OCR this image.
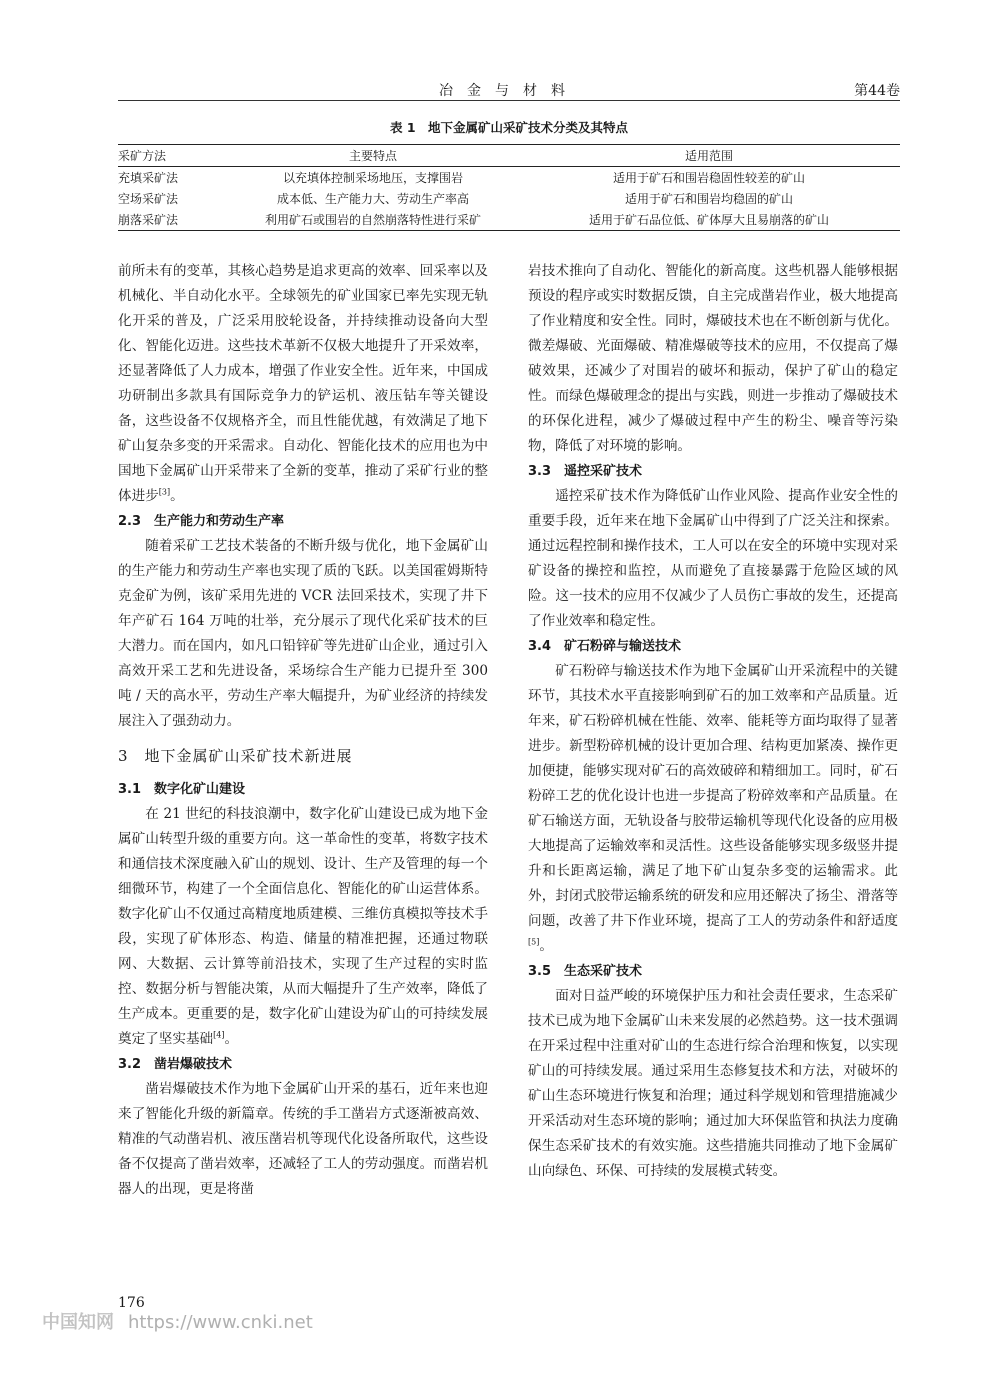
冶金与材料	第44卷
表 1　地下金属矿山采矿技术分类及其特点
采矿方法	主要特点	适用范围
充填采矿法	以充填体控制采场地压，支撑围岩	适用于矿石和围岩稳固性较差的矿山
空场采矿法	成本低、生产能力大、劳动生产率高	适用于矿石和围岩均稳固的矿山
崩落采矿法	利用矿石或围岩的自然崩落特性进行采矿	适用于矿石品位低、矿体厚大且易崩落的矿山

前所未有的变革，其核心趋势是追求更高的效率、回采率以及机械化、半自动化水平。全球领先的矿业国家已率先实现无轨化开采的普及，广泛采用胶轮设备，并持续推动设备向大型化、智能化迈进。这些技术革新不仅极大地提升了开采效率，还显著降低了人力成本，增强了作业安全性。近年来，中国成功研制出多款具有国际竞争力的铲运机、液压钻车等关键设备，这些设备不仅规格齐全，而且性能优越，有效满足了地下矿山复杂多变的开采需求。自动化、智能化技术的应用也为中国地下金属矿山开采带来了全新的变革，推动了采矿行业的整体进步[3]。

2.3　生产能力和劳动生产率

随着采矿工艺技术装备的不断升级与优化，地下金属矿山的生产能力和劳动生产率也实现了质的飞跃。以美国霍姆斯特克金矿为例，该矿采用先进的 VCR 法回采技术，实现了井下年产矿石 164 万吨的壮举，充分展示了现代化采矿技术的巨大潜力。而在国内，如凡口铅锌矿等先进矿山企业，通过引入高效开采工艺和先进设备，采场综合生产能力已提升至 300 吨 / 天的高水平，劳动生产率大幅提升，为矿业经济的持续发展注入了强劲动力。

3　地下金属矿山采矿技术新进展
3.1　数字化矿山建设

在 21 世纪的科技浪潮中，数字化矿山建设已成为地下金属矿山转型升级的重要方向。这一革命性的变革，将数字技术和通信技术深度融入矿山的规划、设计、生产及管理的每一个细微环节，构建了一个全面信息化、智能化的矿山运营体系。数字化矿山不仅通过高精度地质建模、三维仿真模拟等技术手段，实现了矿体形态、构造、储量的精准把握，还通过物联网、大数据、云计算等前沿技术，实现了生产过程的实时监控、数据分析与智能决策，从而大幅提升了生产效率，降低了生产成本。更重要的是，数字化矿山建设为矿山的可持续发展奠定了坚实基础[4]。

3.2　凿岩爆破技术

凿岩爆破技术作为地下金属矿山开采的基石，近年来也迎来了智能化升级的新篇章。传统的手工凿岩方式逐渐被高效、精准的气动凿岩机、液压凿岩机等现代化设备所取代，这些设备不仅提高了凿岩效率，还减轻了工人的劳动强度。而凿岩机器人的出现，更是将凿

岩技术推向了自动化、智能化的新高度。这些机器人能够根据预设的程序或实时数据反馈，自主完成凿岩作业，极大地提高了作业精度和安全性。同时，爆破技术也在不断创新与优化。微差爆破、光面爆破、精准爆破等技术的应用，不仅提高了爆破效果，还减少了对围岩的破坏和振动，保护了矿山的稳定性。而绿色爆破理念的提出与实践，则进一步推动了爆破技术的环保化进程，减少了爆破过程中产生的粉尘、噪音等污染物，降低了对环境的影响。

3.3　遥控采矿技术

遥控采矿技术作为降低矿山作业风险、提高作业安全性的重要手段，近年来在地下金属矿山中得到了广泛关注和探索。通过远程控制和操作技术，工人可以在安全的环境中实现对采矿设备的操控和监控，从而避免了直接暴露于危险区域的风险。这一技术的应用不仅减少了人员伤亡事故的发生，还提高了作业效率和稳定性。

3.4　矿石粉碎与输送技术

矿石粉碎与输送技术作为地下金属矿山开采流程中的关键环节，其技术水平直接影响到矿石的加工效率和产品质量。近年来，矿石粉碎机械在性能、效率、能耗等方面均取得了显著进步。新型粉碎机械的设计更加合理、结构更加紧凑、操作更加便捷，能够实现对矿石的高效破碎和精细加工。同时，矿石粉碎工艺的优化设计也进一步提高了粉碎效率和产品质量。在矿石输送方面，无轨设备与胶带运输机等现代化设备的应用极大地提高了运输效率和灵活性。这些设备能够实现多级竖井提升和长距离运输，满足了地下矿山复杂多变的运输需求。此外，封闭式胶带运输系统的研发和应用还解决了扬尘、滑落等问题，改善了井下作业环境，提高了工人的劳动条件和舒适度[5]。

3.5　生态采矿技术

面对日益严峻的环境保护压力和社会责任要求，生态采矿技术已成为地下金属矿山未来发展的必然趋势。这一技术强调在开采过程中注重对矿山的生态进行综合治理和恢复，以实现矿山的可持续发展。通过采用生态修复技术和方法，对破坏的矿山生态环境进行恢复和治理；通过科学规划和管理措施减少开采活动对生态环境的影响；通过加大环保监管和执法力度确保生态采矿技术的有效实施。这些措施共同推动了地下金属矿山向绿色、环保、可持续的发展模式转变。

176
中国知网 https://www.cnki.net
